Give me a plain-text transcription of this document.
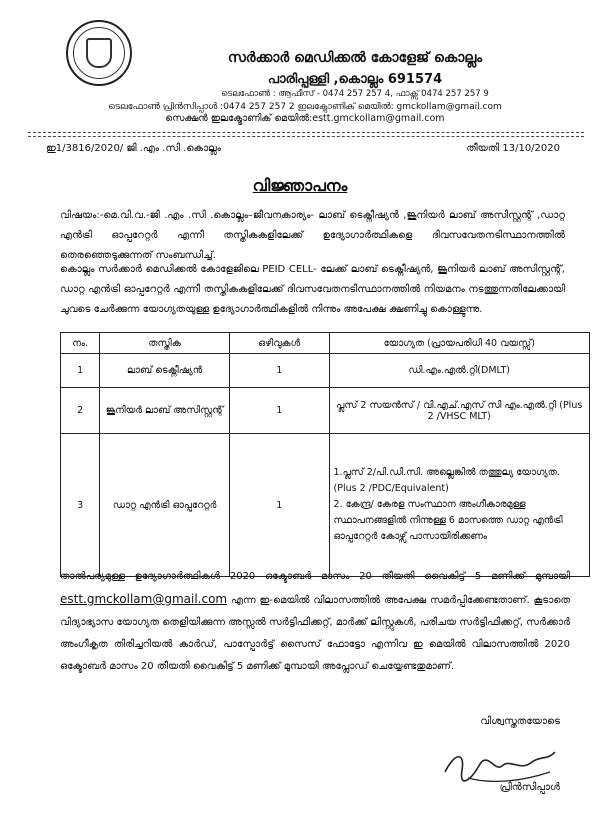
സർക്കാർ മെഡിക്കൽ കോളേജ് കൊല്ലം
പാരിപ്പള്ളി ,കൊല്ലം 691574
ടെലഫോൺ : ആഫീസ് - 0474 257 257 4, ഫാക്സ് 0474 257 257 9
ടെലഫോൺ പ്രിൻസിപ്പാൾ :0474 257 257 2 ഇലക്ട്രോണിക് മെയിൽ: gmckollam@gmail.com
സെക്ഷൻ ഇലക്ട്രോണിക് മെയിൽ:estt.gmckollam@gmail.com
ഇ1/3816/2020/ ജി .എം .സി .കൊല്ലം	തീയതി 13/10/2020
വിജ്ഞാപനം
വിഷയം:-മെ.വി.വ.-ജി .എം .സി .കൊല്ലം–ജീവനകാര്യം- ലാബ് ടെക്നീഷ്യൻ ,ജൂനിയർ ലാബ് അസിസ്റ്റന്റ് ,ഡാറ്റ എൻട്രി ഓപ്പറേറ്റർ എന്നീ തസ്തികകളിലേക്ക് ഉദ്യോഗാർത്ഥികളെ ദിവസവേതനടിസ്ഥാനത്തിൽ തെരഞ്ഞെടുക്കുന്നത് സംബന്ധിച്ച്.
കൊല്ലം സർക്കാർ മെഡിക്കൽ കോളേജിലെ PEID CELL- ലേക്ക് ലാബ് ടെക്നീഷ്യൻ, ജൂനിയർ ലാബ് അസിസ്റ്റന്റ്, ഡാറ്റ എൻട്രി ഓപ്പറേറ്റർ എന്നീ തസ്തികകളിലേക്ക് ദിവസവേതനടിസ്ഥാനത്തിൽ നിയമനം നടത്തുന്നതിലേക്കായി ചുവടെ ചേർക്കുന്ന യോഗ്യതയുള്ള ഉദ്യോഗാർത്ഥികളിൽ നിന്നും അപേക്ഷ ക്ഷണിച്ചു കൊള്ളുന്നു.
നം.	തസ്തിക	ഒഴിവുകൾ	യോഗ്യത (പ്രായപരിധി 40 വയസ്സ്)
1	ലാബ് ടെക്നീഷ്യൻ	1	ഡി.എം.എൽ.റ്റി(DMLT)
2	ജൂനിയർ ലാബ് അസിസ്റ്റന്റ്	1	പ്ലസ് 2 സയൻസ് / വി.എച്.എസ് സി എം.എൽ.റ്റി (Plus 2 /VHSC MLT)
3	ഡാറ്റ എൻട്രി ഓപ്പറേറ്റർ	1	1.പ്ലസ് 2/പി.ഡി.സി. അല്ലെങ്കിൽ തത്തുല്യ യോഗ്യത. (Plus 2 /PDC/Equivalent)
2. കേന്ദ്ര/ കേരള സംസ്ഥാന അംഗീകാരമുള്ള സ്ഥാപനങ്ങളിൽ നിന്നുള്ള 6 മാസത്തെ ഡാറ്റ എൻട്രി ഓപ്പറേറ്റർ കോഴ്സ് പാസായിരിക്കണം
താൽപര്യമുള്ള ഉദ്യോഗാർത്ഥികൾ 2020 ഒക്ടോബർ മാസം 20 തീയതി വൈകിട്ട് 5 മണിക്ക് മുമ്പായി estt.gmckollam@gmail.com എന്ന ഇ-മെയിൽ വിലാസത്തിൽ അപേക്ഷ സമർപ്പിക്കേണ്ടതാണ്. കൂടാതെ വിദ്യാഭ്യാസ യോഗ്യത തെളിയിക്കുന്ന അസ്സൽ സർട്ടിഫിക്കറ്റ്, മാർക്ക് ലിസ്റ്റുകൾ, പരിചയ സർട്ടിഫിക്കറ്റ്, സർക്കാർ അംഗീകൃത തിരിച്ചറിയൽ കാർഡ്, പാസ്പോർട്ട് സൈസ് ഫോട്ടോ എന്നിവ ഇ മെയിൽ വിലാസത്തിൽ 2020 ഒക്ടോബർ മാസം 20 തീയതി വൈകിട്ട് 5 മണിക്ക് മുമ്പായി അപ്ലോഡ് ചെയ്യേണ്ടതുമാണ്.
വിശ്വസ്തതയോടെ
പ്രിൻസിപ്പാൾ
